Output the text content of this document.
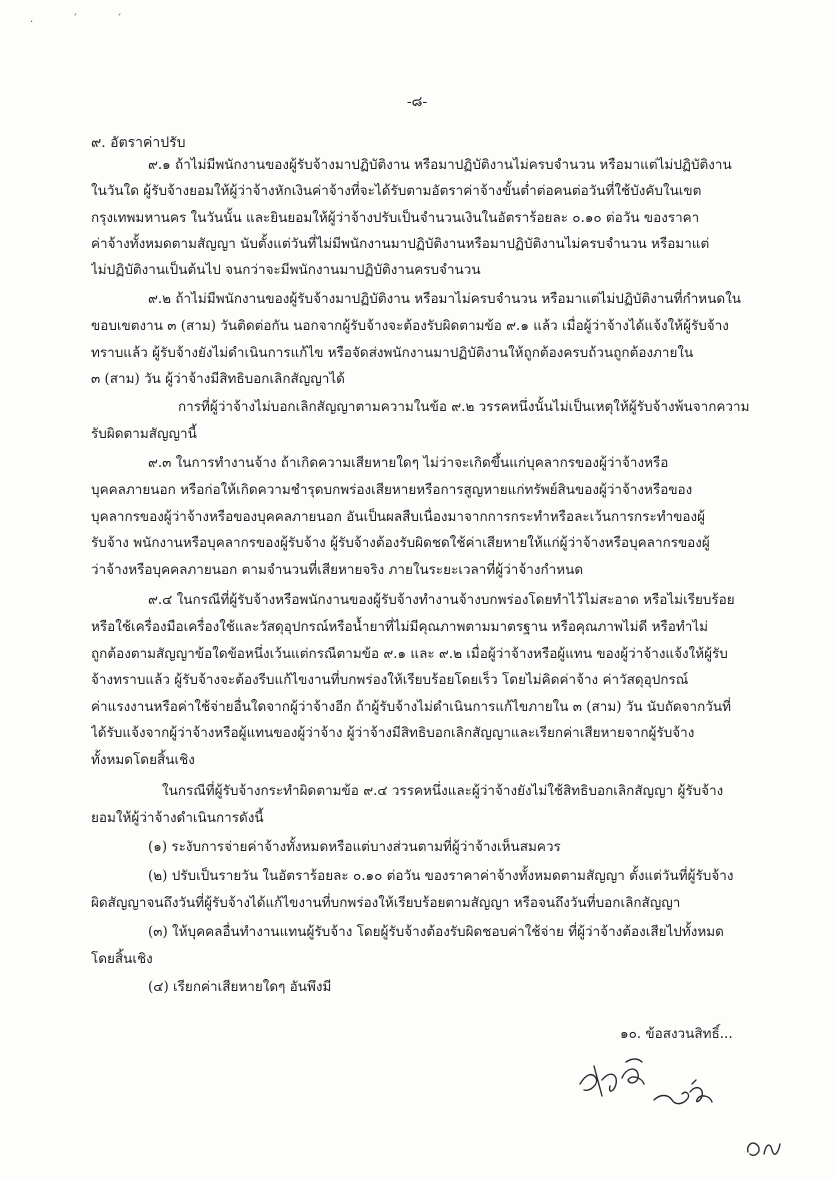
. ´ ´
-๘-
๙. อัตราค่าปรับ
๙.๑ ถ้าไม่มีพนักงานของผู้รับจ้างมาปฏิบัติงาน หรือมาปฏิบัติงานไม่ครบจำนวน หรือมาแต่ไม่ปฏิบัติงาน
ในวันใด ผู้รับจ้างยอมให้ผู้ว่าจ้างหักเงินค่าจ้างที่จะได้รับตามอัตราค่าจ้างขั้นต่ำต่อคนต่อวันที่ใช้บังคับในเขต
กรุงเทพมหานคร ในวันนั้น และยินยอมให้ผู้ว่าจ้างปรับเป็นจำนวนเงินในอัตราร้อยละ ๐.๑๐ ต่อวัน ของราคา
ค่าจ้างทั้งหมดตามสัญญา นับตั้งแต่วันที่ไม่มีพนักงานมาปฏิบัติงานหรือมาปฏิบัติงานไม่ครบจำนวน หรือมาแต่
ไม่ปฏิบัติงานเป็นต้นไป จนกว่าจะมีพนักงานมาปฏิบัติงานครบจำนวน
๙.๒ ถ้าไม่มีพนักงานของผู้รับจ้างมาปฏิบัติงาน หรือมาไม่ครบจำนวน หรือมาแต่ไม่ปฏิบัติงานที่กำหนดใน
ขอบเขตงาน ๓ (สาม) วันติดต่อกัน นอกจากผู้รับจ้างจะต้องรับผิดตามข้อ ๙.๑ แล้ว เมื่อผู้ว่าจ้างได้แจ้งให้ผู้รับจ้าง
ทราบแล้ว ผู้รับจ้างยังไม่ดำเนินการแก้ไข หรือจัดส่งพนักงานมาปฏิบัติงานให้ถูกต้องครบถ้วนถูกต้องภายใน
๓ (สาม) วัน ผู้ว่าจ้างมีสิทธิบอกเลิกสัญญาได้
การที่ผู้ว่าจ้างไม่บอกเลิกสัญญาตามความในข้อ ๙.๒ วรรคหนึ่งนั้นไม่เป็นเหตุให้ผู้รับจ้างพ้นจากความ
รับผิดตามสัญญานี้
๙.๓ ในการทำงานจ้าง ถ้าเกิดความเสียหายใดๆ ไม่ว่าจะเกิดขึ้นแก่บุคลากรของผู้ว่าจ้างหรือ
บุคคลภายนอก หรือก่อให้เกิดความชำรุดบกพร่องเสียหายหรือการสูญหายแก่ทรัพย์สินของผู้ว่าจ้างหรือของ
บุคลากรของผู้ว่าจ้างหรือของบุคคลภายนอก อันเป็นผลสืบเนื่องมาจากการกระทำหรือละเว้นการกระทำของผู้
รับจ้าง พนักงานหรือบุคลากรของผู้รับจ้าง ผู้รับจ้างต้องรับผิดชดใช้ค่าเสียหายให้แก่ผู้ว่าจ้างหรือบุคลากรของผู้
ว่าจ้างหรือบุคคลภายนอก ตามจำนวนที่เสียหายจริง ภายในระยะเวลาที่ผู้ว่าจ้างกำหนด
๙.๔ ในกรณีที่ผู้รับจ้างหรือพนักงานของผู้รับจ้างทำงานจ้างบกพร่องโดยทำไว้ไม่สะอาด หรือไม่เรียบร้อย
หรือใช้เครื่องมือเครื่องใช้และวัสดุอุปกรณ์หรือน้ำยาที่ไม่มีคุณภาพตามมาตรฐาน หรือคุณภาพไม่ดี หรือทำไม่
ถูกต้องตามสัญญาข้อใดข้อหนึ่งเว้นแต่กรณีตามข้อ ๙.๑ และ ๙.๒ เมื่อผู้ว่าจ้างหรือผู้แทน ของผู้ว่าจ้างแจ้งให้ผู้รับ
จ้างทราบแล้ว ผู้รับจ้างจะต้องรีบแก้ไขงานที่บกพร่องให้เรียบร้อยโดยเร็ว โดยไม่คิดค่าจ้าง ค่าวัสดุอุปกรณ์
ค่าแรงงานหรือค่าใช้จ่ายอื่นใดจากผู้ว่าจ้างอีก ถ้าผู้รับจ้างไม่ดำเนินการแก้ไขภายใน ๓ (สาม) วัน นับถัดจากวันที่
ได้รับแจ้งจากผู้ว่าจ้างหรือผู้แทนของผู้ว่าจ้าง ผู้ว่าจ้างมีสิทธิบอกเลิกสัญญาและเรียกค่าเสียหายจากผู้รับจ้าง
ทั้งหมดโดยสิ้นเชิง
ในกรณีที่ผู้รับจ้างกระทำผิดตามข้อ ๙.๔ วรรคหนึ่งและผู้ว่าจ้างยังไม่ใช้สิทธิบอกเลิกสัญญา ผู้รับจ้าง
ยอมให้ผู้ว่าจ้างดำเนินการดังนี้
(๑) ระงับการจ่ายค่าจ้างทั้งหมดหรือแต่บางส่วนตามที่ผู้ว่าจ้างเห็นสมควร
(๒) ปรับเป็นรายวัน ในอัตราร้อยละ ๐.๑๐ ต่อวัน ของราคาค่าจ้างทั้งหมดตามสัญญา ตั้งแต่วันที่ผู้รับจ้าง
ผิดสัญญาจนถึงวันที่ผู้รับจ้างได้แก้ไขงานที่บกพร่องให้เรียบร้อยตามสัญญา หรือจนถึงวันที่บอกเลิกสัญญา
(๓) ให้บุคคลอื่นทำงานแทนผู้รับจ้าง โดยผู้รับจ้างต้องรับผิดชอบค่าใช้จ่าย ที่ผู้ว่าจ้างต้องเสียไปทั้งหมด
โดยสิ้นเชิง
(๔) เรียกค่าเสียหายใดๆ อันพึงมี
๑๐. ข้อสงวนสิทธิ์...
